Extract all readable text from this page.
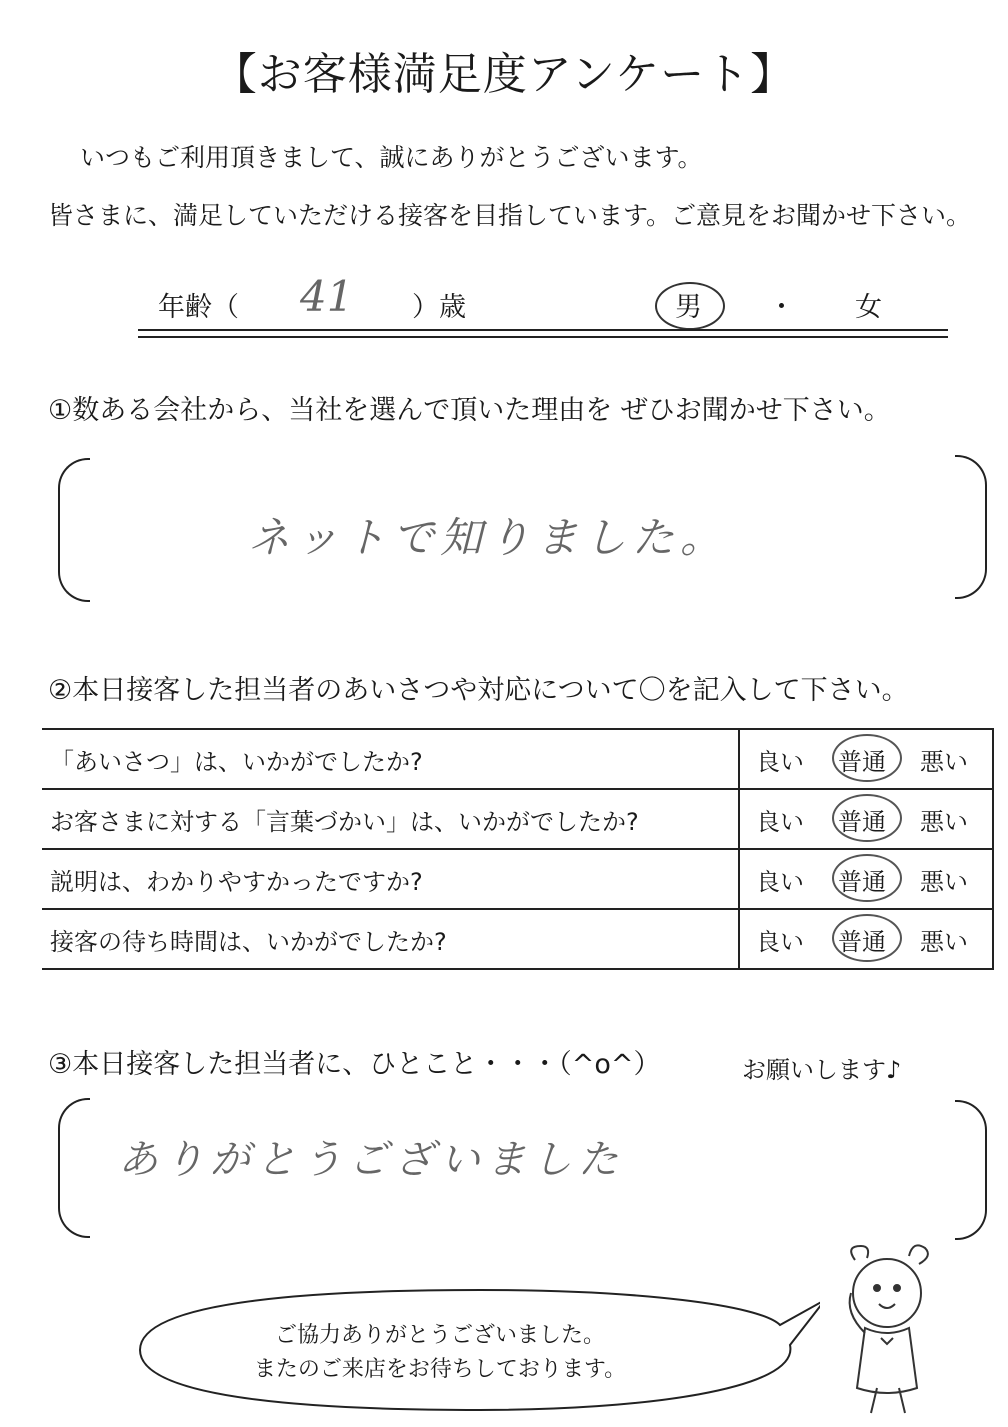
【お客様満足度アンケート】
いつもご利用頂きまして、誠にありがとうございます。
皆さまに、満足していただける接客を目指しています。ご意見をお聞かせ下さい。
年齢（ 41 ）歳	男 ・ 女
①数ある会社から、当社を選んで頂いた理由を ぜひお聞かせ下さい。
ネットで知りました。
②本日接客した担当者のあいさつや対応について〇を記入して下さい。
「あいさつ」は、いかがでしたか?	良い 普通 悪い

お客さまに対する「言葉づかい」は、いかがでしたか?	良い 普通 悪い

説明は、わかりやすかったですか?	良い 普通 悪い

接客の待ち時間は、いかがでしたか?	良い 普通 悪い
③本日接客した担当者に、ひとこと・・・（^o^）	お願いします♪
ありがとうございました
ご協力ありがとうございました。
またのご来店をお待ちしております。
